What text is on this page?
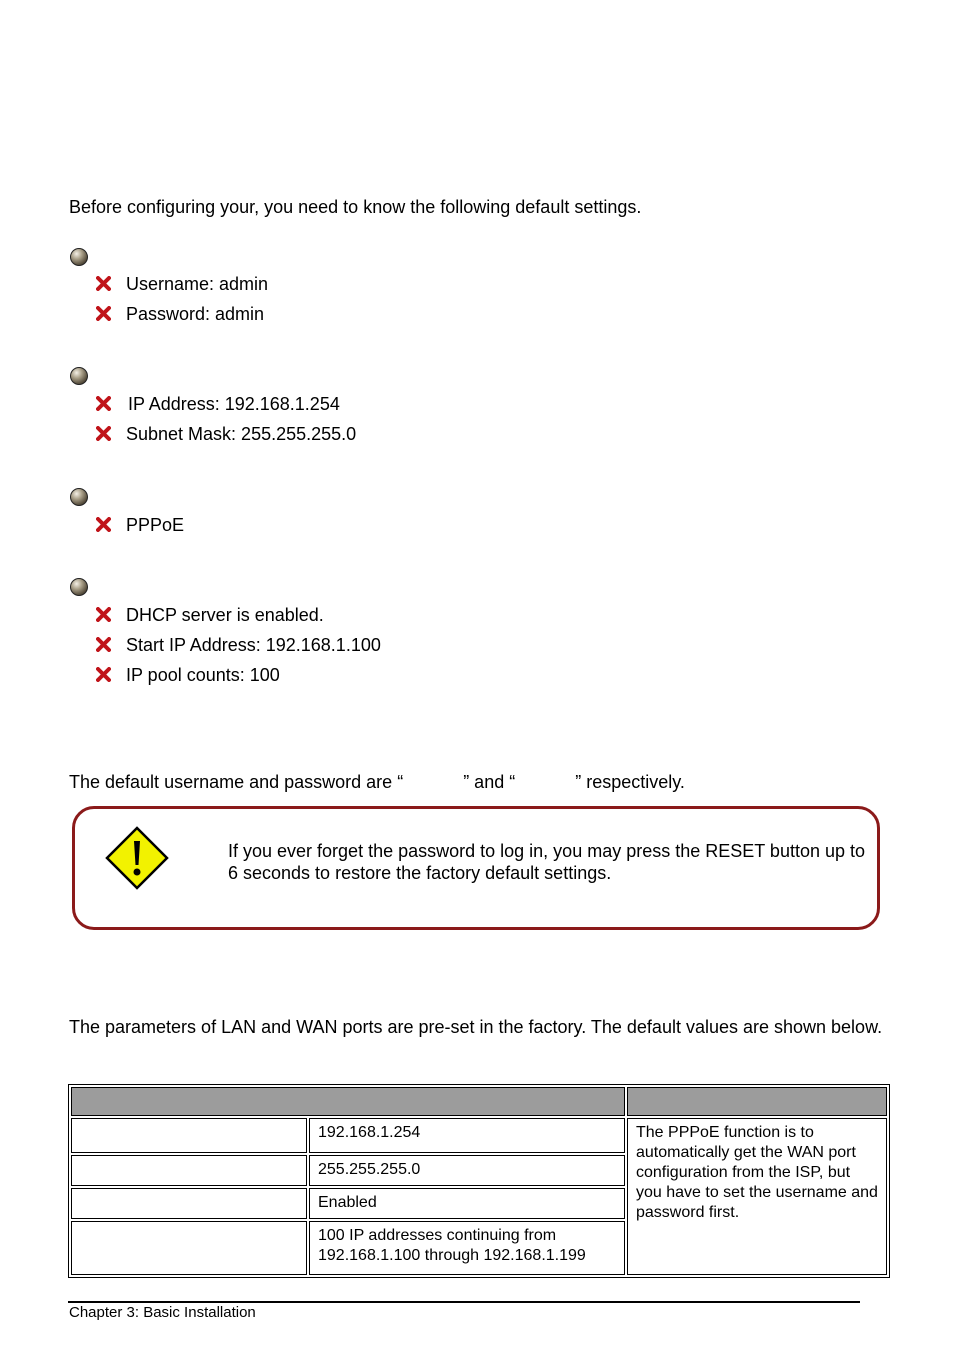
Before configuring your, you need to know the following default settings.
Username: admin
Password: admin
IP Address: 192.168.1.254
Subnet Mask: 255.255.255.0
PPPoE
DHCP server is enabled.
Start IP Address: 192.168.1.100
IP pool counts: 100
The default username and password are “	” and “	” respectively.
If you ever forget the password to log in, you may press the RESET button up to 6 seconds to restore the factory default settings.
The parameters of LAN and WAN ports are pre-set in the factory. The default values are shown below.

	192.168.1.254	The PPPoE function is to automatically get the WAN port configuration from the ISP, but you have to set the username and password first.
	255.255.255.0	
	Enabled	
	100 IP addresses continuing from 192.168.1.100 through 192.168.1.199	
Chapter 3: Basic Installation
